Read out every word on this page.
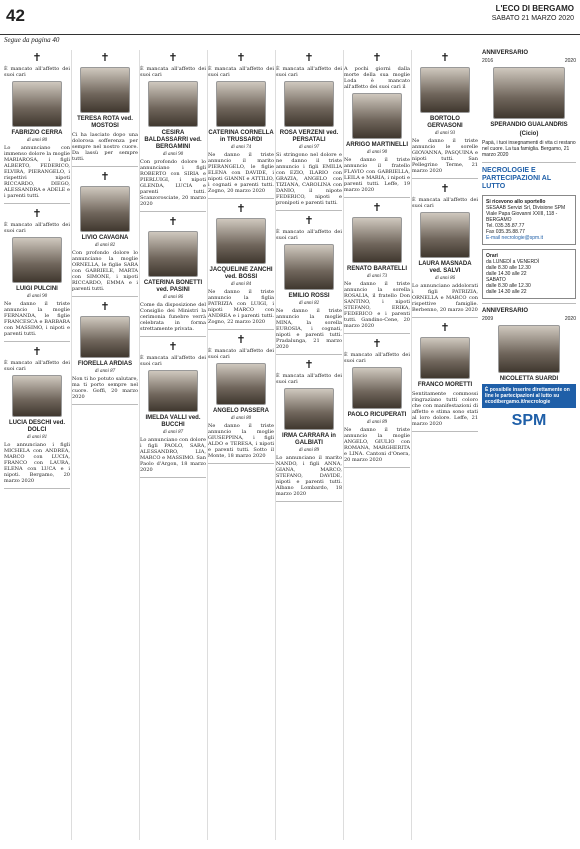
42	L'ECO DI BERGAMO
SABATO 21 MARZO 2020
Segue da pagina 40
✝

È mancato all'affetto dei suoi cari

FABRIZIO CERRA
di anni 80

Lo annunciano con immenso dolore la moglie MARIAROSA, i figli ALBERTO, FEDERICO, ELVIRA, PIERANGELO, i rispettivi nipoti RICCARDO, DIEGO, ALESSANDRA e ADELE e i parenti tutti.

✝

È mancato all'affetto dei suoi cari

LUIGI PULCINI
di anni 90

Ne danno il triste annuncio la moglie FERNANDA, le figlie FRANCESCA e BARBARA con MASSIMO, i nipoti e parenti tutti.

✝

È mancato all'affetto dei suoi cari

LUCIA DESCHI ved. DOLCI
di anni 81

Lo annunciano i figli MICHELA con ANDREA, MARCO con LUCIA, FRANCO con LAURA, ELENA con LUCA e i nipoti. Bergamo, 20 marzo 2020

✝

TERESA ROTA ved. MOSTOSI

Ci ha lasciato dopo una dolorosa sofferenza per sempre nel nostro cuore. Da lassù per sempre tutti.

✝

LIVIO CAVAGNA
di anni 82

Con profondo dolore lo annunciano la moglie ORNELLA, le figlie SARA con GABRIELE, MARTA con SIMONE, i nipoti RICCARDO, EMMA e i parenti tutti.

✝

FIORELLA ARDIAS
di anni 87

Non ti ho potuto salutare, ma ti porto sempre nel cuore. Goffi, 20 marzo 2020

✝

È mancata all'affetto dei suoi cari

CESIRA BALDASSARRI ved. BERGAMINI
di anni 90

Con profondo dolore lo annunciano i figli ROBERTO con SIRIA e PIERLUIGI, i nipoti GLENDA, LUCIA e parenti tutti. Scanzorosciate, 20 marzo 2020

✝

CATERINA BONETTI ved. PASINI
di anni 86

Come da disposizione del Consiglio dei Ministri la cerimonia funebre verrà celebrata in forma strettamente privata.

✝

È mancata all'affetto dei suoi cari

IMELDA VALLI ved. BUCCHI
di anni 87

Lo annunciano con dolore i figli PAOLO, SARA, ALESSANDRO, LIA, MARCO e MASSIMO. San Paolo d'Argon, 18 marzo 2020

✝

È mancata all'affetto dei suoi cari

CATERINA CORNELLA in TRUSSARDI
di anni 74

Ne danno il triste annuncio il marito PIERANGELO, le figlie ELENA con DAVIDE, i nipoti GIANNI e ATTILIO, i cognati e parenti tutti. Zogno, 20 marzo 2020

✝

JACQUELINE ZANCHI ved. BOSSI
di anni 84

Ne danno il triste annuncio la figlia PATRIZIA con LUIGI, i nipoti MARCO con ANDREA e i parenti tutti. Zogno, 22 marzo 2020

✝

È mancato all'affetto dei suoi cari

ANGELO PASSERA
di anni 80

Ne danno il triste annuncio la moglie GIUSEPPINA, i figli ALDO e TERESA, i nipoti e parenti tutti. Sotto il Monte, 18 marzo 2020

✝

È mancata all'affetto dei suoi cari

ROSA VERZENI ved. PERSATALI
di anni 97

Si stringono nel dolore e ne danno il triste annuncio i figli EMILIA con EZIO, ILARIO con GRAZIA, ANGELO con TIZIANA, CAROLINA con DANIO, il nipote FEDERICO, nipoti e pronipoti e parenti tutti.

✝

È mancato all'affetto dei suoi cari

EMILIO ROSSI
di anni 82

Ne danno il triste annuncio la moglie MINA, la sorella EUROSIA, i cognati, nipoti e parenti tutti. Pradalunga, 21 marzo 2020

✝

È mancata all'affetto dei suoi cari

IRMA CARRARA in GALBIATI
di anni 89

Lo annunciano il marito NANDO, i figli ANNA, GIANA, MARCO, STEFANO, DAVIDE, nipoti e parenti tutti. Albano Lombardo, 18 marzo 2020

✝

A pochi giorni dalla morte della sua moglie Loda è mancato all'affetto dei suoi cari il

ARRIGO MARTINELLI
di anni 90

Ne danno il triste annuncio il fratello FLAVIO con GABRIELLA, LEILA e MARIA, i nipoti e parenti tutti. Leffe, 19 marzo 2020

✝

RENATO BARATELLI
di anni 73

Ne danno il triste annuncio la sorella ROSALIA, il fratello Don SANTINO, i nipoti STEFANO, ERIKA, FEDERICO e i parenti tutti. Gandino-Cene, 20 marzo 2020

✝

È mancato all'affetto dei suoi cari

PAOLO RICUPERATI
di anni 89

Ne danno il triste annuncio la moglie ANGELO, GIULIO con ROMANA, MARGHERITA e LINA. Cantoni d'Onera, 20 marzo 2020

✝

BORTOLO GERVASONI
di anni 93

Ne danno il triste annuncio le sorelle GIOVANNA, PASQUINA e nipoti tutti. San Pellegrino Terme, 21 marzo 2020

✝

È mancata all'affetto dei suoi cari

LAURA MASNADA ved. SALVI
di anni 86

Lo annunciano addolorati i figli PATRIZIA, ORNELLA e MARCO con rispettive famiglie. Berbenno, 20 marzo 2020

✝

FRANCO MORETTI

Sentitamente commossi ringraziano tutti coloro che con manifestazioni di affetto e stima sono stati al loro dolore. Leffe, 21 marzo 2020

ANNIVERSARIO
2016	2020
SPERANDIO GUALANDRIS
(Cicio)

Papà, i tuoi insegnamenti di vita ci restano nel cuore. La tua famiglia. Bergamo, 21 marzo 2020

NECROLOGIE E PARTECIPAZIONI AL LUTTO
Si ricevono allo sportello
SESAAB Servizi Srl, Divisione SPM
Viale Papa Giovanni XXIII, 118 - BERGAMO
Tel. 035.35.87.77
Fax 035.35.88.77
E-mail necrologie@spm.it
Orari
da LUNEDÌ a VENERDÌ
dalle 8.30 alle 12.30
dalle 14.30 alle 22
SABATO
dalle 8.30 alle 12.30
dalle 14.30 alle 22
ANNIVERSARIO
2009	2020
NICOLETTA SUARDI
È possibile inserire direttamente on line le partecipazioni al lutto su ecodibergamo.it/necrologie
SPM
